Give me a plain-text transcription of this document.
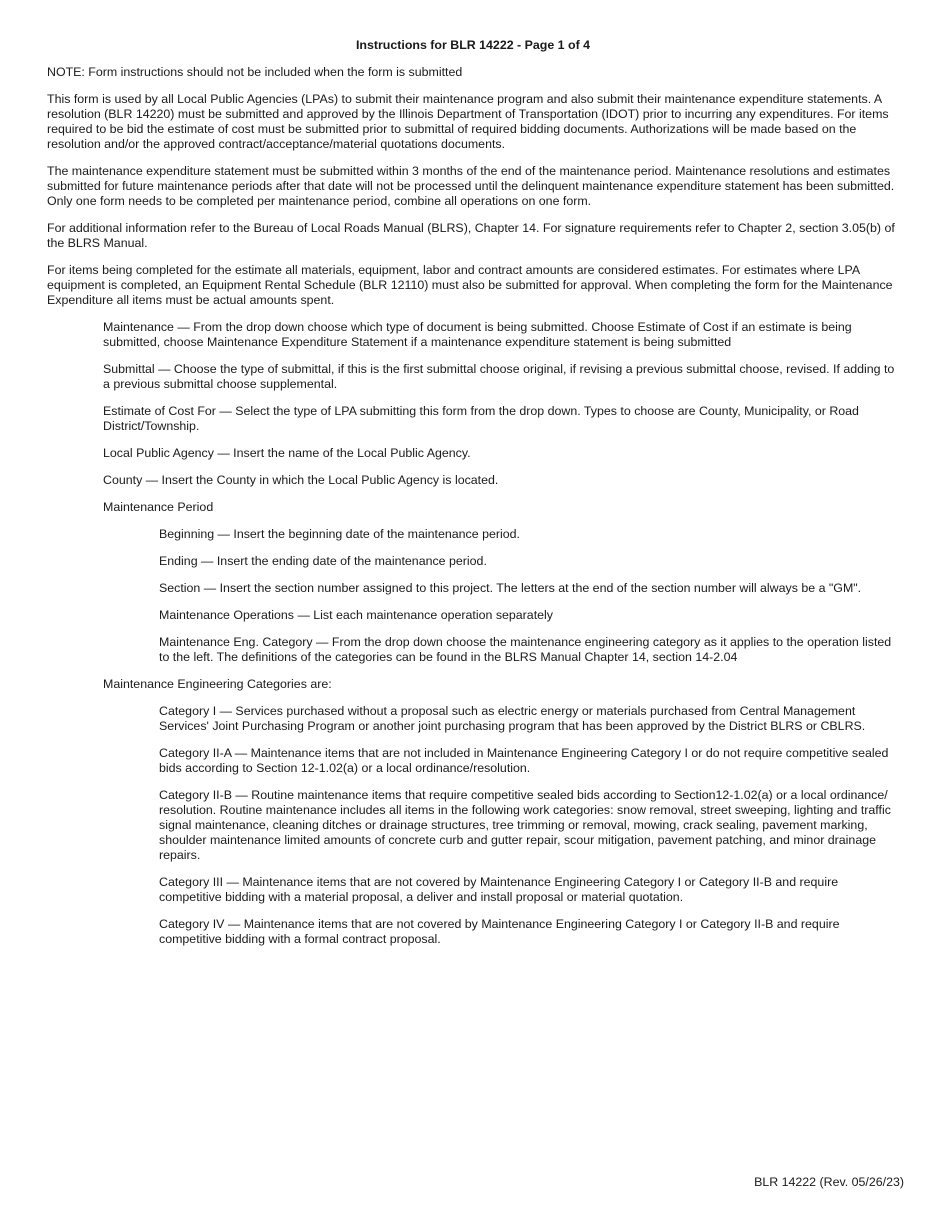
Instructions for BLR 14222 - Page 1 of 4

NOTE: Form instructions should not be included when the form is submitted

This form is used by all Local Public Agencies (LPAs) to submit their maintenance program and also submit their maintenance expenditure statements. A resolution (BLR 14220) must be submitted and approved by the Illinois Department of Transportation (IDOT) prior to incurring any expenditures. For items required to be bid the estimate of cost must be submitted prior to submittal of required bidding documents. Authorizations will be made based on the resolution and/or the approved contract/acceptance/material quotations documents.

The maintenance expenditure statement must be submitted within 3 months of the end of the maintenance period. Maintenance resolutions and estimates submitted for future maintenance periods after that date will not be processed until the delinquent maintenance expenditure statement has been submitted. Only one form needs to be completed per maintenance period, combine all operations on one form.

For additional information refer to the Bureau of Local Roads Manual (BLRS), Chapter 14. For signature requirements refer to Chapter 2, section 3.05(b) of the BLRS Manual.

For items being completed for the estimate all materials, equipment, labor and contract amounts are considered estimates. For estimates where LPA equipment is completed, an Equipment Rental Schedule (BLR 12110) must also be submitted for approval. When completing the form for the Maintenance Expenditure all items must be actual amounts spent.

Maintenance — From the drop down choose which type of document is being submitted. Choose Estimate of Cost if an estimate is being submitted, choose Maintenance Expenditure Statement if a maintenance expenditure statement is being submitted

Submittal — Choose the type of submittal, if this is the first submittal choose original, if revising a previous submittal choose, revised. If adding to a previous submittal choose supplemental.

Estimate of Cost For — Select the type of LPA submitting this form from the drop down. Types to choose are County, Municipality, or Road District/Township.

Local Public Agency — Insert the name of the Local Public Agency.

County — Insert the County in which the Local Public Agency is located.

Maintenance Period

Beginning — Insert the beginning date of the maintenance period.

Ending — Insert the ending date of the maintenance period.

Section — Insert the section number assigned to this project. The letters at the end of the section number will always be a "GM".

Maintenance Operations — List each maintenance operation separately

Maintenance Eng. Category — From the drop down choose the maintenance engineering category as it applies to the operation listed to the left. The definitions of the categories can be found in the BLRS Manual Chapter 14, section 14-2.04

Maintenance Engineering Categories are:

Category I — Services purchased without a proposal such as electric energy or materials purchased from Central Management Services' Joint Purchasing Program or another joint purchasing program that has been approved by the District BLRS or CBLRS.

Category II-A — Maintenance items that are not included in Maintenance Engineering Category I or do not require competitive sealed bids according to Section 12-1.02(a) or a local ordinance/resolution.

Category II-B — Routine maintenance items that require competitive sealed bids according to Section12-1.02(a) or a local ordinance/ resolution. Routine maintenance includes all items in the following work categories: snow removal, street sweeping, lighting and traffic signal maintenance, cleaning ditches or drainage structures, tree trimming or removal, mowing, crack sealing, pavement marking, shoulder maintenance limited amounts of concrete curb and gutter repair, scour mitigation, pavement patching, and minor drainage repairs.

Category III — Maintenance items that are not covered by Maintenance Engineering Category I or Category II-B and require competitive bidding with a material proposal, a deliver and install proposal or material quotation.

Category IV — Maintenance items that are not covered by Maintenance Engineering Category I or Category II-B and require competitive bidding with a formal contract proposal.

BLR 14222 (Rev. 05/26/23)
